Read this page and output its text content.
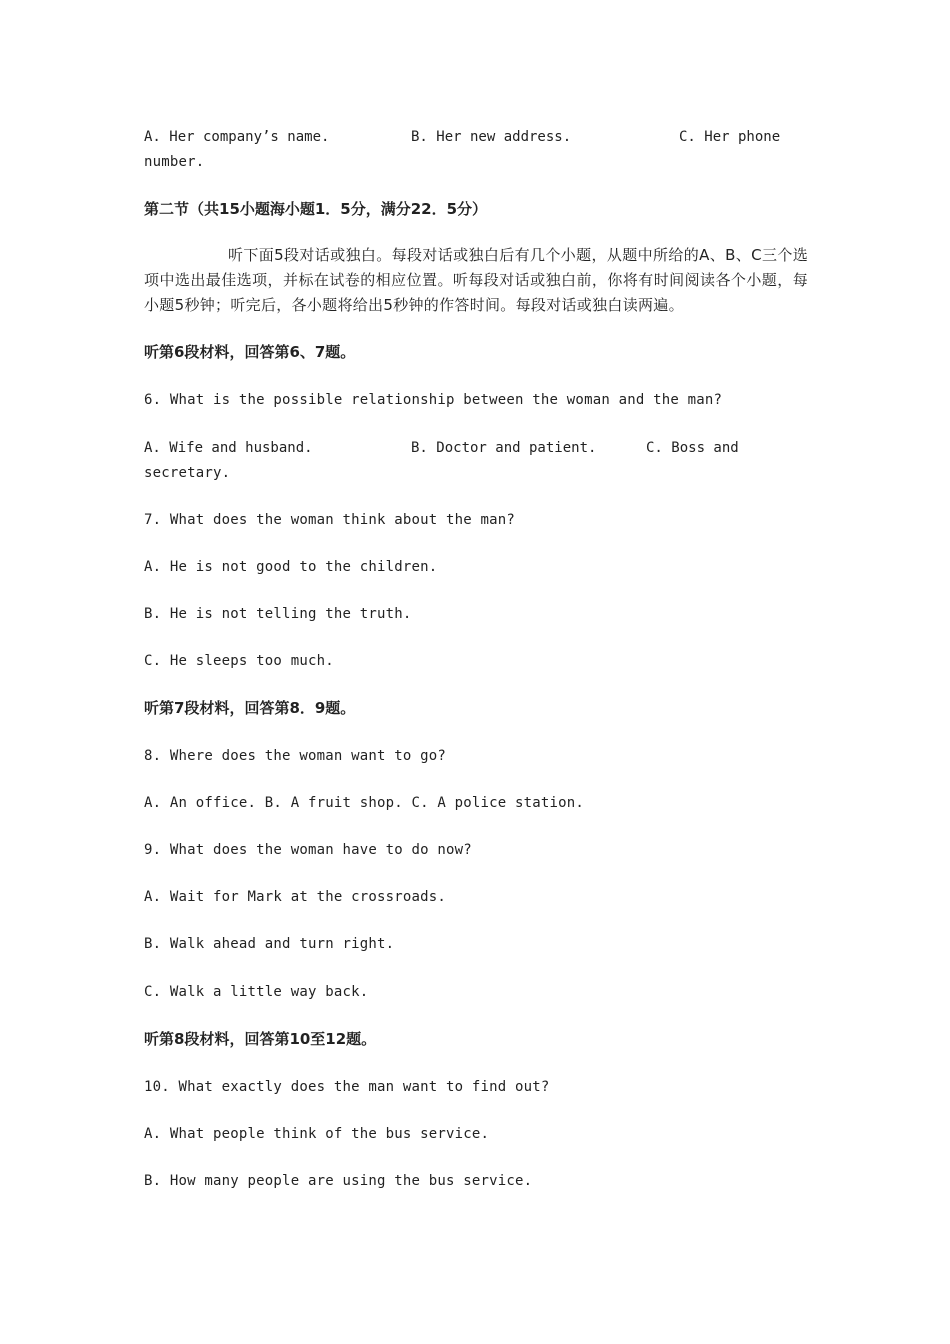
A. Her company’s name.	B. Her new address.	C. Her phone
number.
第二节（共15小题海小题1．5分，满分22．5分）
听下面5段对话或独白。每段对话或独白后有几个小题，从题中所给的A、B、C三个选项中选出最佳选项，并标在试卷的相应位置。听每段对话或独白前，你将有时间阅读各个小题，每小题5秒钟；听完后，各小题将给出5秒钟的作答时间。每段对话或独白读两遍。
听第6段材料，回答第6、7题。
6. What is the possible relationship between the woman and the man?
A. Wife and husband.	B. Doctor and patient.	C. Boss and
secretary.
7. What does the woman think about the man?
A. He is not good to the children.
B. He is not telling the truth.
C. He sleeps too much.
听第7段材料，回答第8．9题。
8. Where does the woman want to go?
A. An office. B. A fruit shop. C. A police station.
9. What does the woman have to do now?
A. Wait for Mark at the crossroads.
B. Walk ahead and turn right.
C. Walk a little way back.
听第8段材料，回答第10至12题。
10. What exactly does the man want to find out?
A. What people think of the bus service.
B. How many people are using the bus service.
